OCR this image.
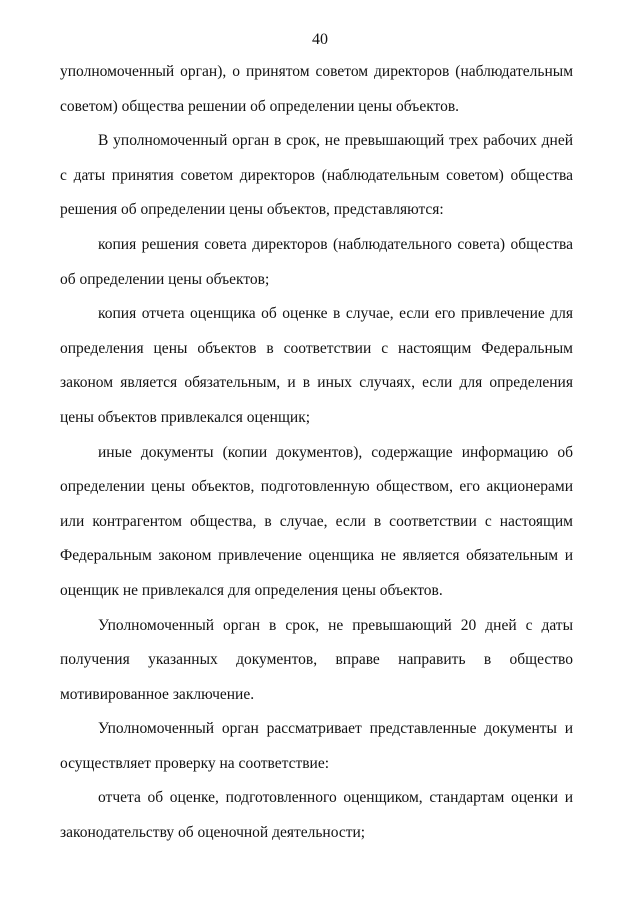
40

уполномоченный орган), о принятом советом директоров (наблюдательным советом) общества решении об определении цены объектов.

В уполномоченный орган в срок, не превышающий трех рабочих дней с даты принятия советом директоров (наблюдательным советом) общества решения об определении цены объектов, представляются:

копия решения совета директоров (наблюдательного совета) общества об определении цены объектов;

копия отчета оценщика об оценке в случае, если его привлечение для определения цены объектов в соответствии с настоящим Федеральным законом является обязательным, и в иных случаях, если для определения цены объектов привлекался оценщик;

иные документы (копии документов), содержащие информацию об определении цены объектов, подготовленную обществом, его акционерами или контрагентом общества, в случае, если в соответствии с настоящим Федеральным законом привлечение оценщика не является обязательным и оценщик не привлекался для определения цены объектов.

Уполномоченный орган в срок, не превышающий 20 дней с даты получения указанных документов, вправе направить в общество мотивированное заключение.

Уполномоченный орган рассматривает представленные документы и осуществляет проверку на соответствие:

отчета об оценке, подготовленного оценщиком, стандартам оценки и законодательству об оценочной деятельности;
